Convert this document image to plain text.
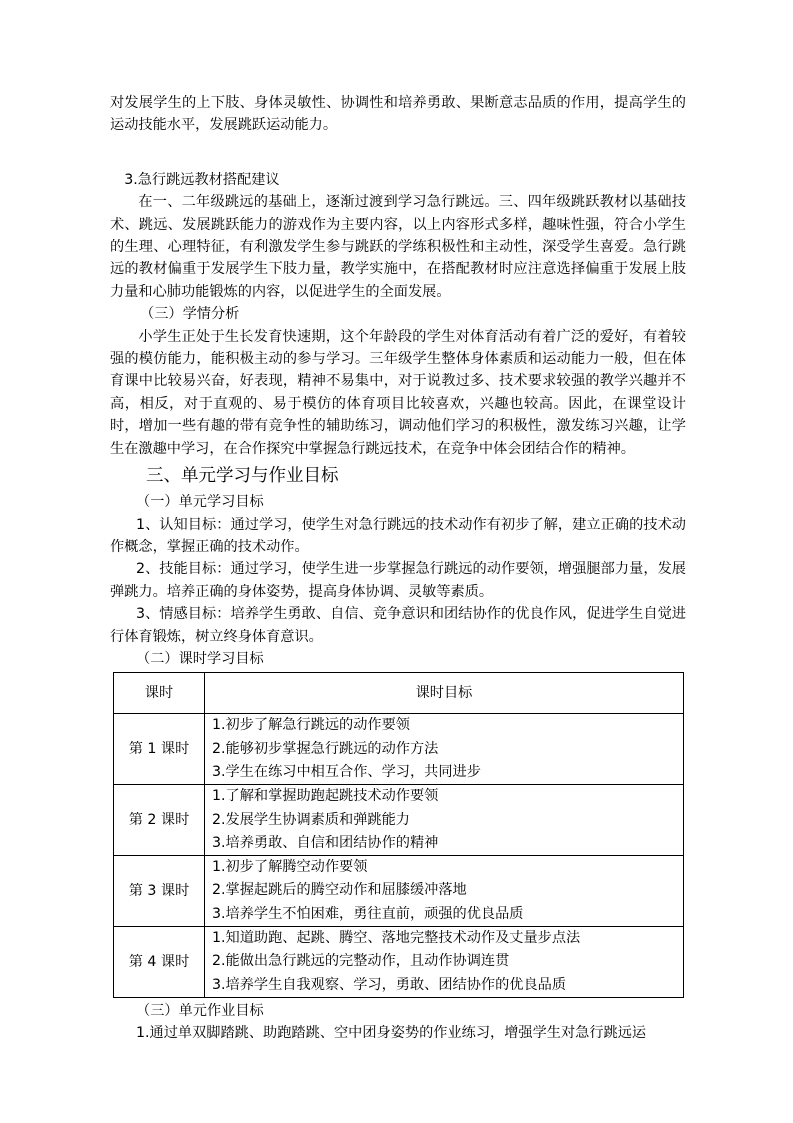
对发展学生的上下肢、身体灵敏性、协调性和培养勇敢、果断意志品质的作用，提高学生的运动技能水平，发展跳跃运动能力。

3.急行跳远教材搭配建议

在一、二年级跳远的基础上，逐渐过渡到学习急行跳远。三、四年级跳跃教材以基础技术、跳远、发展跳跃能力的游戏作为主要内容，以上内容形式多样，趣味性强，符合小学生的生理、心理特征，有利激发学生参与跳跃的学练积极性和主动性，深受学生喜爱。急行跳远的教材偏重于发展学生下肢力量，教学实施中，在搭配教材时应注意选择偏重于发展上肢力量和心肺功能锻炼的内容，以促进学生的全面发展。

（三）学情分析

小学生正处于生长发育快速期，这个年龄段的学生对体育活动有着广泛的爱好，有着较强的模仿能力，能积极主动的参与学习。三年级学生整体身体素质和运动能力一般，但在体育课中比较易兴奋，好表现，精神不易集中，对于说教过多、技术要求较强的教学兴趣并不高，相反，对于直观的、易于模仿的体育项目比较喜欢，兴趣也较高。因此，在课堂设计时，增加一些有趣的带有竞争性的辅助练习，调动他们学习的积极性，激发练习兴趣，让学生在激趣中学习，在合作探究中掌握急行跳远技术，在竞争中体会团结合作的精神。

三、单元学习与作业目标

（一）单元学习目标

1、认知目标：通过学习，使学生对急行跳远的技术动作有初步了解，建立正确的技术动作概念，掌握正确的技术动作。

2、技能目标：通过学习，使学生进一步掌握急行跳远的动作要领，增强腿部力量，发展弹跳力。培养正确的身体姿势，提高身体协调、灵敏等素质。

3、情感目标：培养学生勇敢、自信、竞争意识和团结协作的优良作风，促进学生自觉进行体育锻炼，树立终身体育意识。

（二）课时学习目标

课时	课时目标
第 1 课时	1.初步了解急行跳远的动作要领
2.能够初步掌握急行跳远的动作方法
3.学生在练习中相互合作、学习，共同进步

第 2 课时	1.了解和掌握助跑起跳技术动作要领
2.发展学生协调素质和弹跳能力
3.培养勇敢、自信和团结协作的精神

第 3 课时	1.初步了解腾空动作要领
2.掌握起跳后的腾空动作和屈膝缓冲落地
3.培养学生不怕困难，勇往直前，顽强的优良品质

第 4 课时	1.知道助跑、起跳、腾空、落地完整技术动作及丈量步点法
2.能做出急行跳远的完整动作，且动作协调连贯
3.培养学生自我观察、学习，勇敢、团结协作的优良品质

（三）单元作业目标

1.通过单双脚踏跳、助跑踏跳、空中团身姿势的作业练习，增强学生对急行跳远运
